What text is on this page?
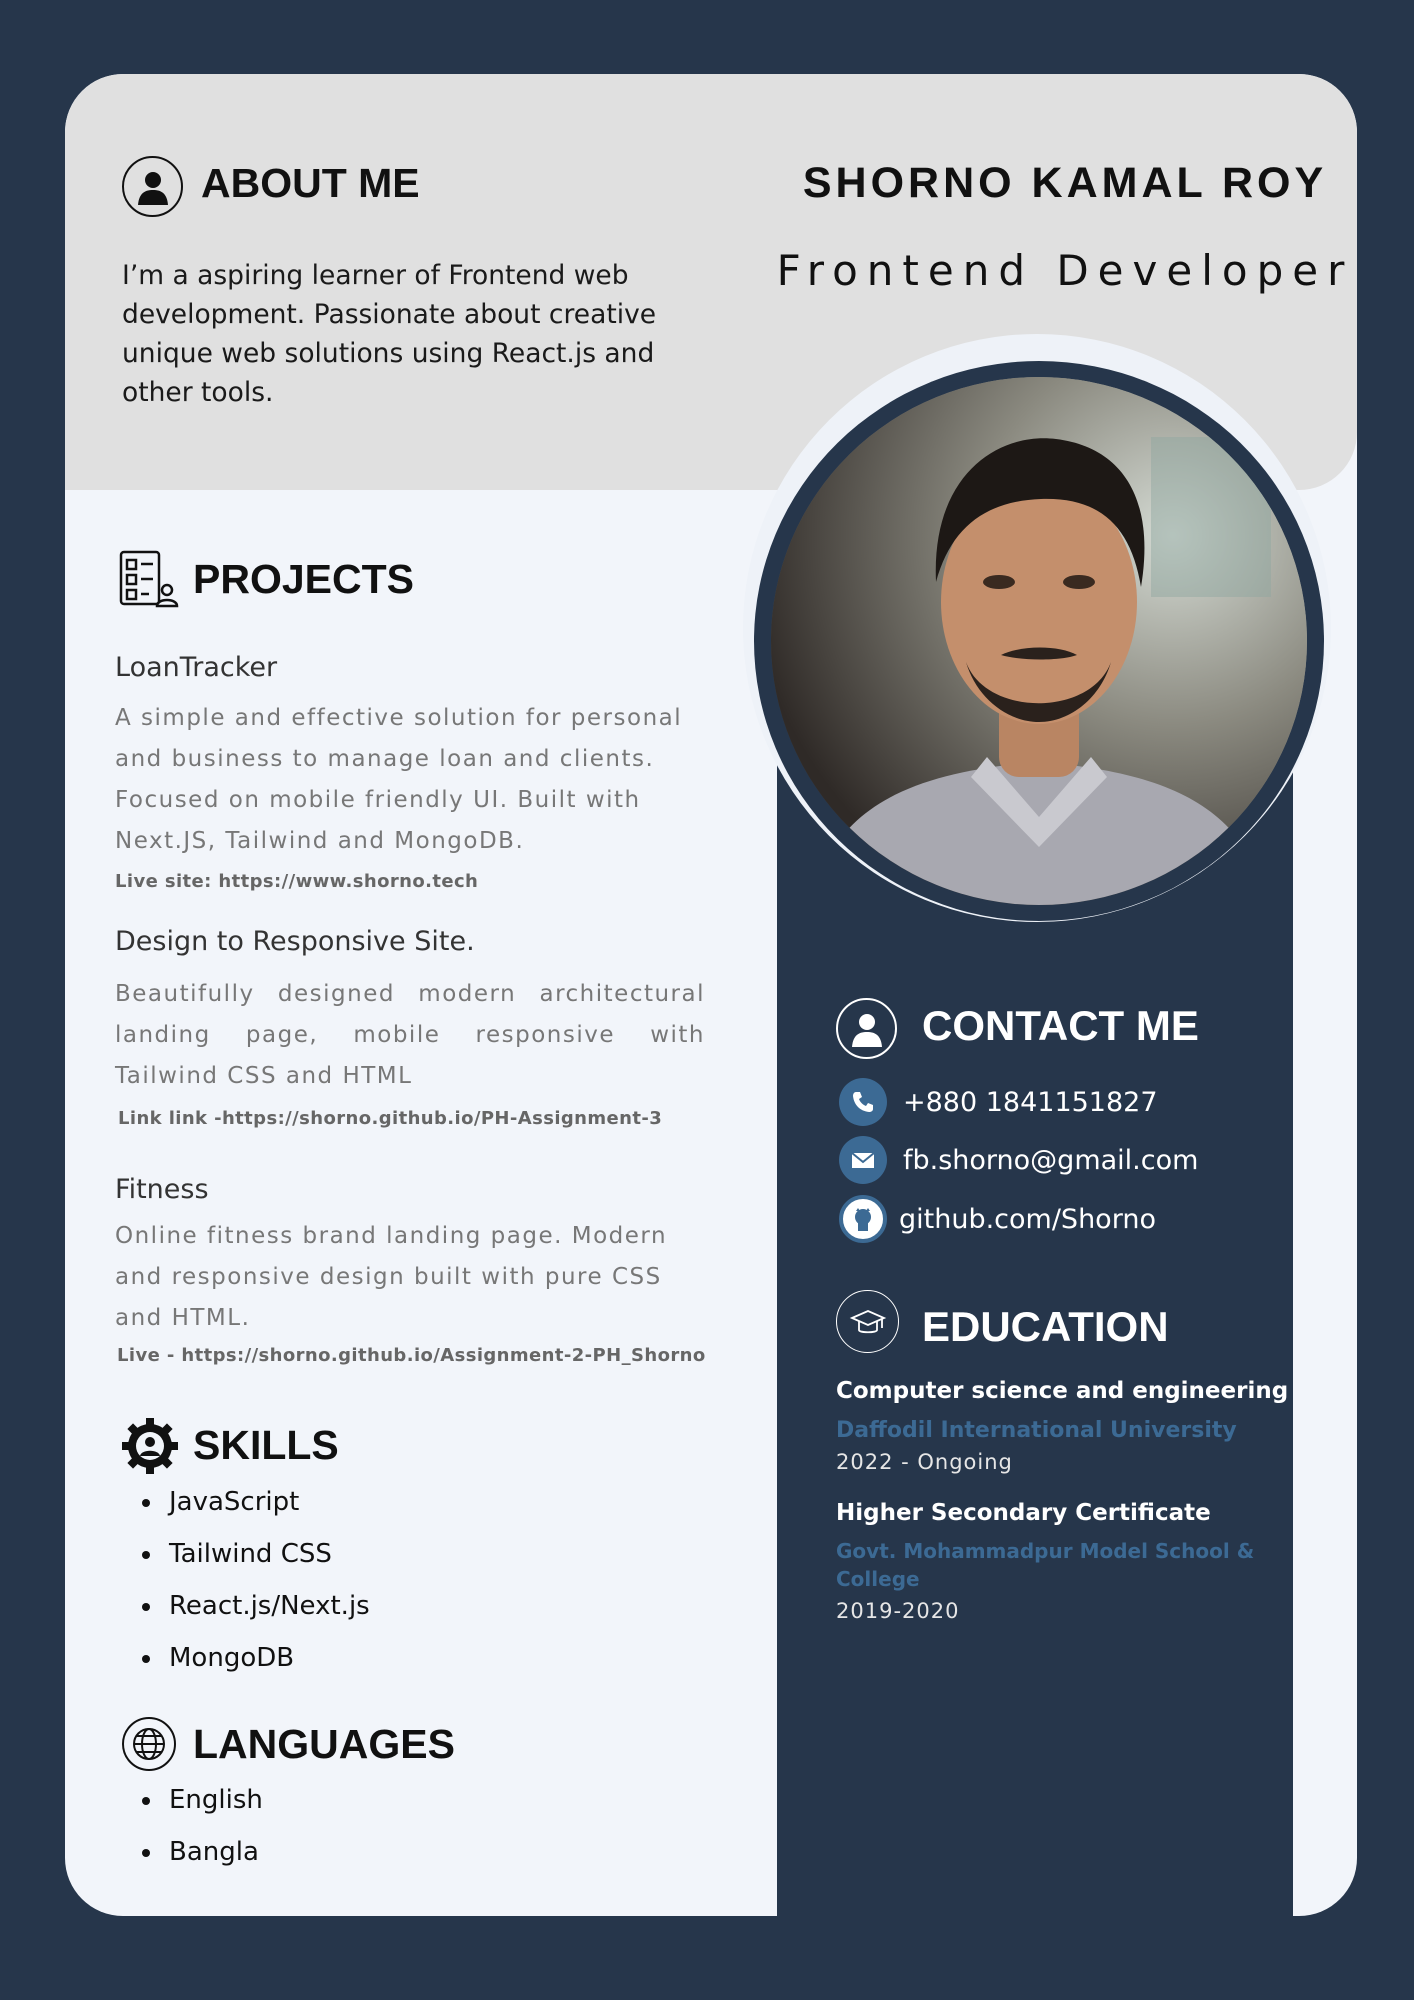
ABOUT ME
I’m a aspiring learner of Frontend web development. Passionate about creative unique web solutions using React.js and other tools.
SHORNO KAMAL ROY
Frontend Developer
PROJECTS
LoanTracker
A simple and effective solution for personal and business to manage loan and clients. Focused on mobile friendly UI. Built with Next.JS, Tailwind and MongoDB.
Live site: https://www.shorno.tech
Design to Responsive Site.
Beautifully designed modern architectural landing page, mobile responsive with Tailwind CSS and HTML
Link link -https://shorno.github.io/PH-Assignment-3
Fitness
Online fitness brand landing page. Modern and responsive design built with pure CSS and HTML.
Live - https://shorno.github.io/Assignment-2-PH_Shorno
SKILLS
JavaScript
Tailwind CSS
React.js/Next.js
MongoDB
LANGUAGES
English
Bangla
CONTACT ME
+880 1841151827
fb.shorno@gmail.com
github.com/Shorno
EDUCATION
Computer science and engineering
Daffodil International University
2022 - Ongoing
Higher Secondary Certificate
Govt. Mohammadpur Model School & College
2019-2020
